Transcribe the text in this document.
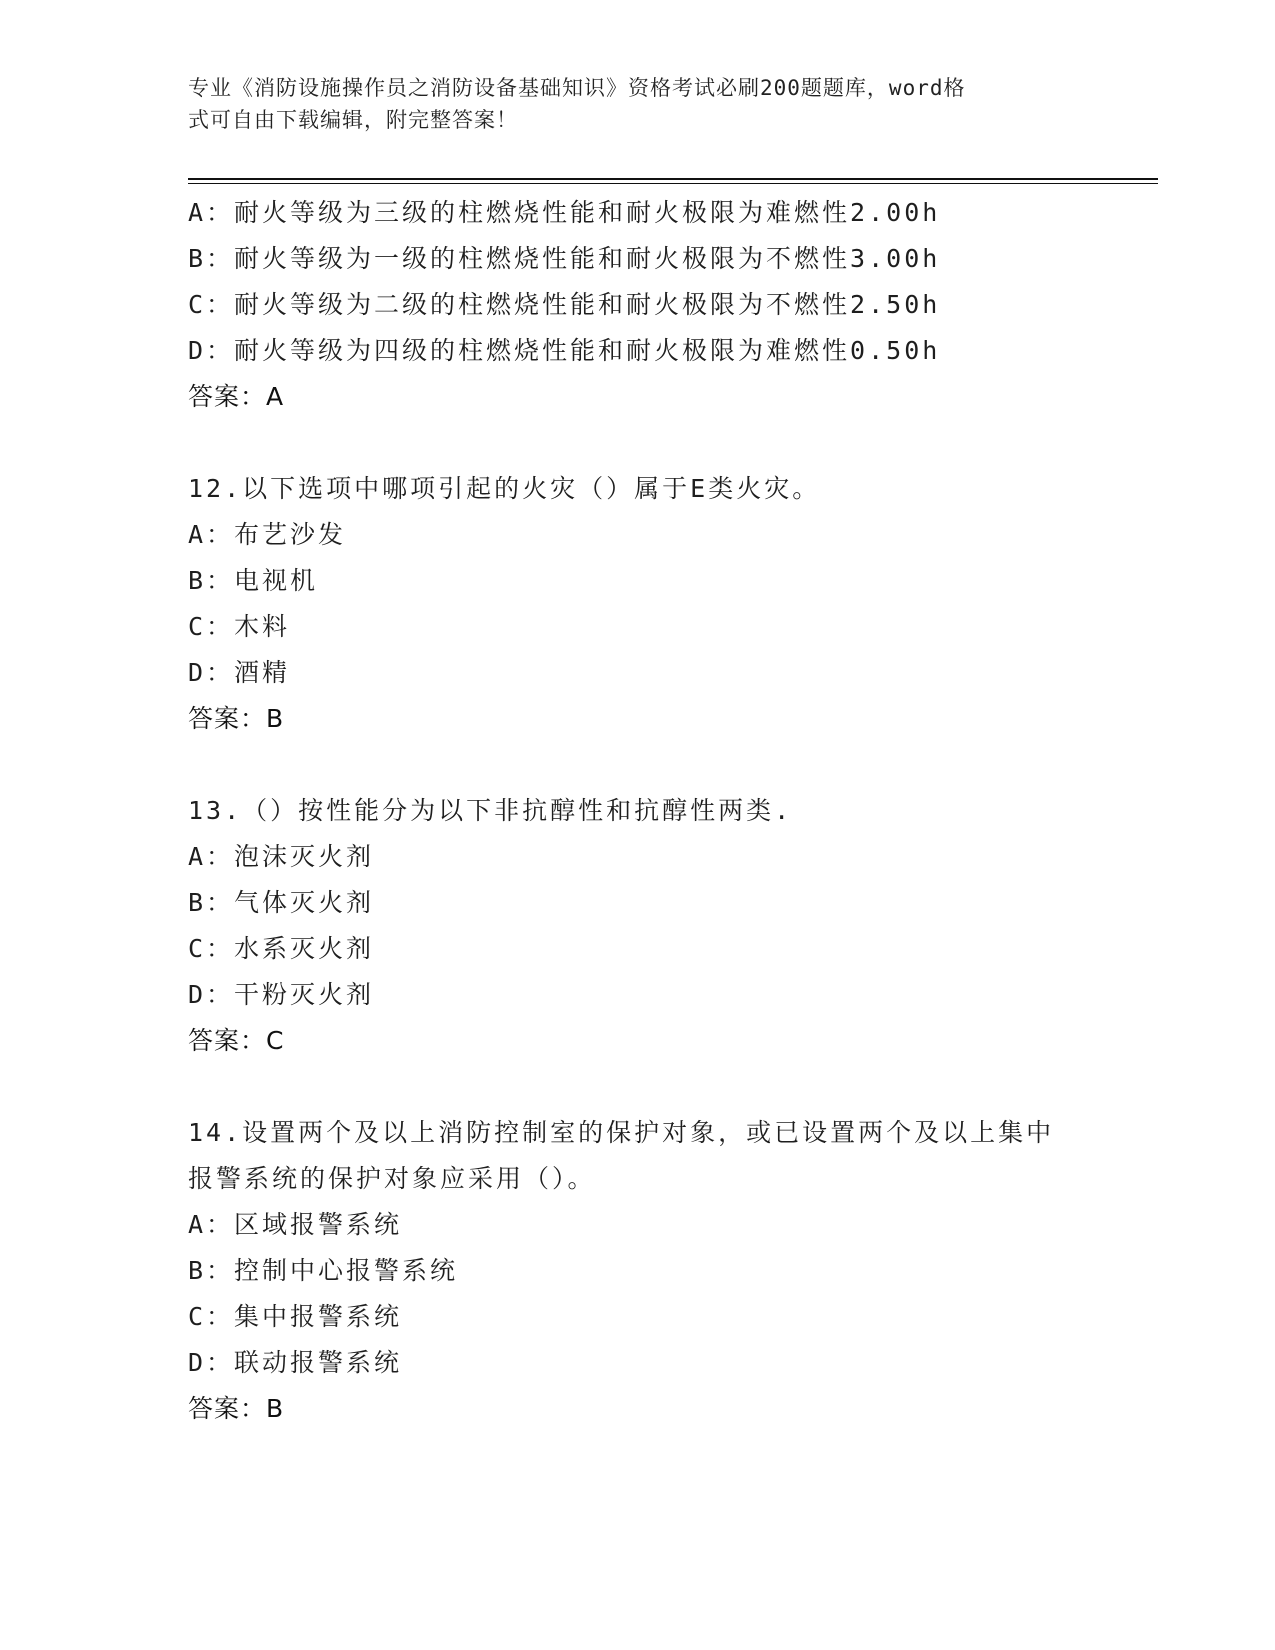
专业《消防设施操作员之消防设备基础知识》资格考试必刷200题题库，word格
式可自由下载编辑，附完整答案！
A：耐火等级为三级的柱燃烧性能和耐火极限为难燃性2.00h
B：耐火等级为一级的柱燃烧性能和耐火极限为不燃性3.00h
C：耐火等级为二级的柱燃烧性能和耐火极限为不燃性2.50h
D：耐火等级为四级的柱燃烧性能和耐火极限为难燃性0.50h
答案：A
12.以下选项中哪项引起的火灾（）属于E类火灾。
A：布艺沙发
B：电视机
C：木料
D：酒精
答案：B
13.（）按性能分为以下非抗醇性和抗醇性两类.
A：泡沫灭火剂
B：气体灭火剂
C：水系灭火剂
D：干粉灭火剂
答案：C
14.设置两个及以上消防控制室的保护对象，或已设置两个及以上集中
报警系统的保护对象应采用（）。
A：区域报警系统
B：控制中心报警系统
C：集中报警系统
D：联动报警系统
答案：B
